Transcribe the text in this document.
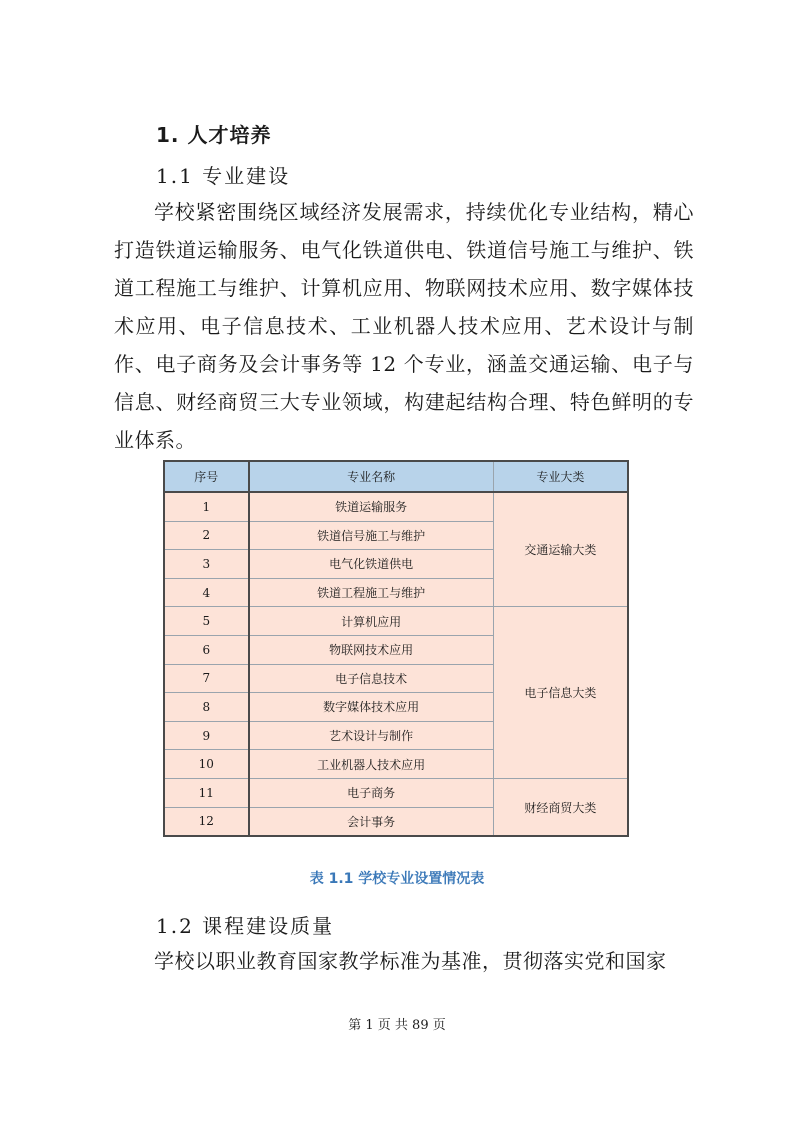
1. 人才培养
1.1 专业建设
学校紧密围绕区域经济发展需求，持续优化专业结构，精心打造铁道运输服务、电气化铁道供电、铁道信号施工与维护、铁道工程施工与维护、计算机应用、物联网技术应用、数字媒体技术应用、电子信息技术、工业机器人技术应用、艺术设计与制作、电子商务及会计事务等 12 个专业，涵盖交通运输、电子与信息、财经商贸三大专业领域，构建起结构合理、特色鲜明的专业体系。
序号	专业名称	专业大类
1	铁道运输服务	交通运输大类
2	铁道信号施工与维护	
3	电气化铁道供电	
4	铁道工程施工与维护	
5	计算机应用	电子信息大类
6	物联网技术应用	
7	电子信息技术	
8	数字媒体技术应用	
9	艺术设计与制作	
10	工业机器人技术应用	
11	电子商务	财经商贸大类
12	会计事务	
表 1.1 学校专业设置情况表
1.2 课程建设质量
学校以职业教育国家教学标准为基准，贯彻落实党和国家
第 1 页 共 89 页
